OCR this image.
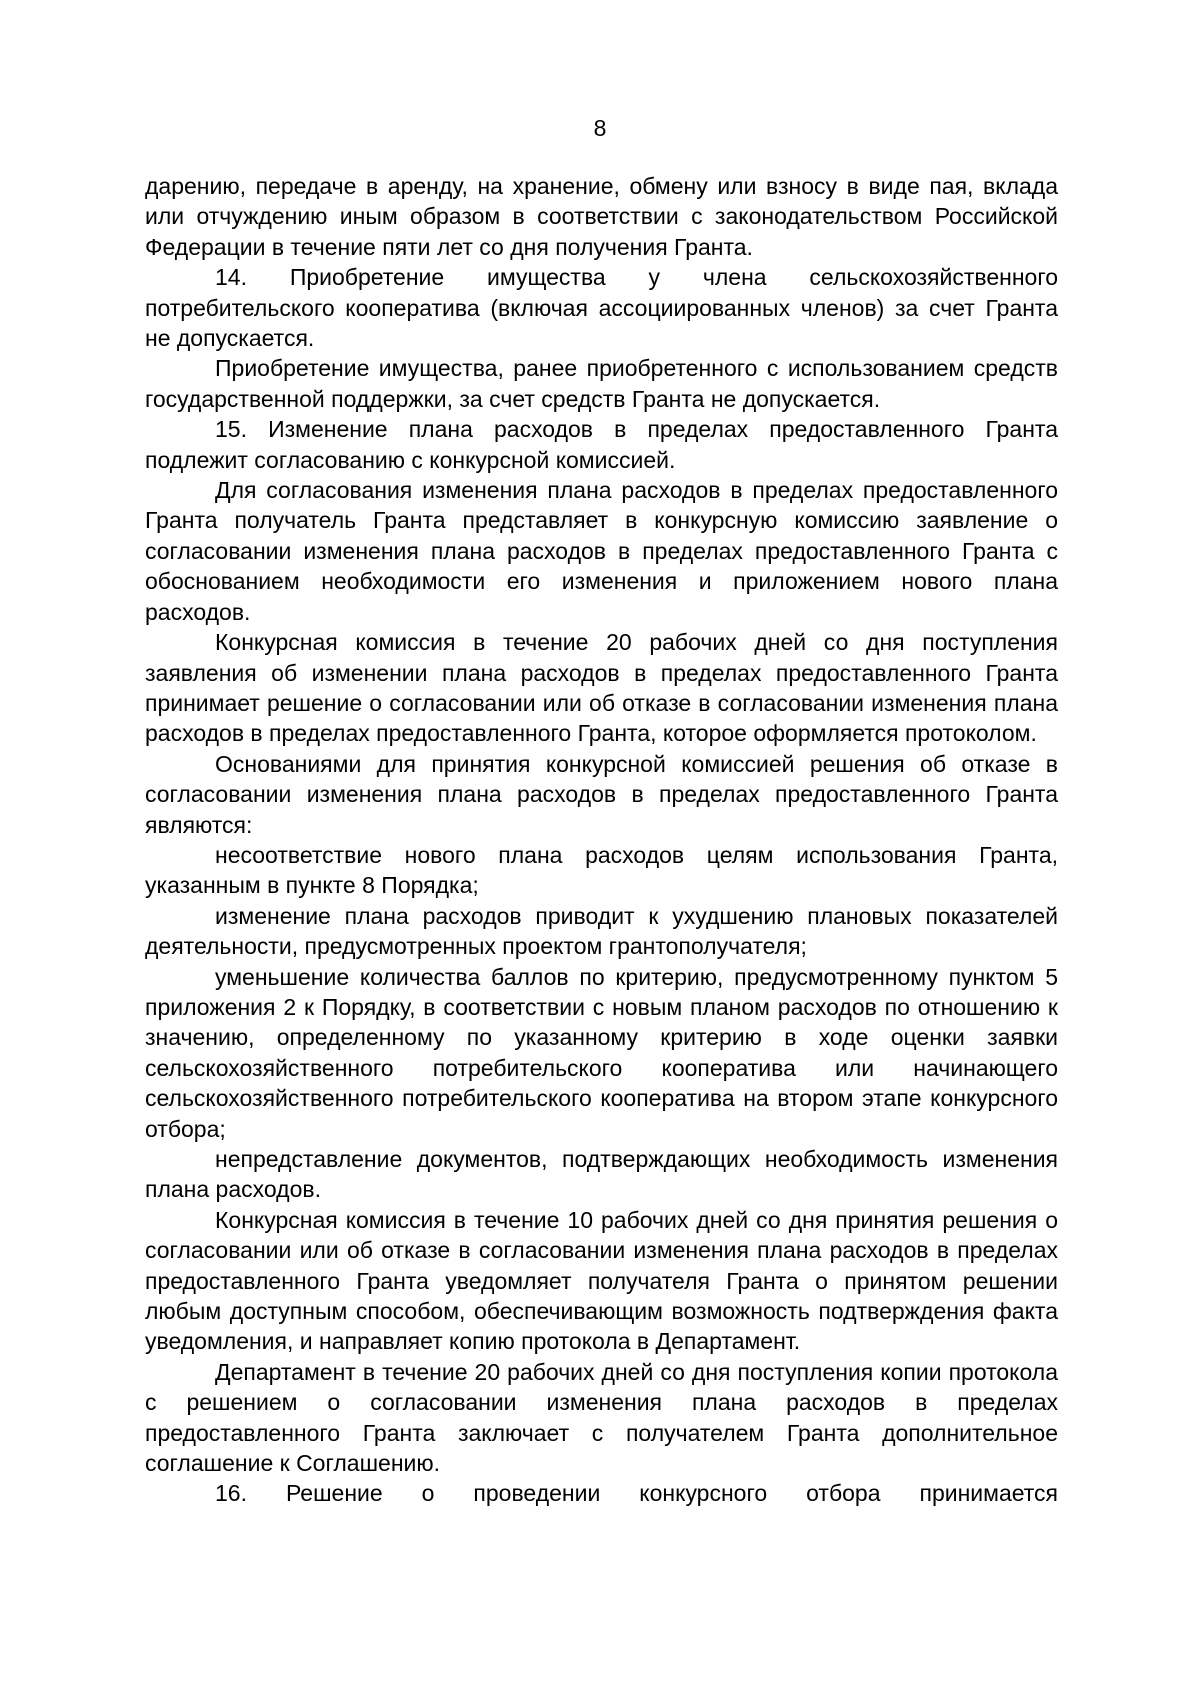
8

дарению, передаче в аренду, на хранение, обмену или взносу в виде пая, вклада или отчуждению иным образом в соответствии с законодательством Российской Федерации в течение пяти лет со дня получения Гранта.

14. Приобретение имущества у члена сельскохозяйственного потребительского кооператива (включая ассоциированных членов) за счет Гранта не допускается.

Приобретение имущества, ранее приобретенного с использованием средств государственной поддержки, за счет средств Гранта не допускается.

15. Изменение плана расходов в пределах предоставленного Гранта подлежит согласованию с конкурсной комиссией.

Для согласования изменения плана расходов в пределах предоставленного Гранта получатель Гранта представляет в конкурсную комиссию заявление о согласовании изменения плана расходов в пределах предоставленного Гранта с обоснованием необходимости его изменения и приложением нового плана расходов.

Конкурсная комиссия в течение 20 рабочих дней со дня поступления заявления об изменении плана расходов в пределах предоставленного Гранта принимает решение о согласовании или об отказе в согласовании изменения плана расходов в пределах предоставленного Гранта, которое оформляется протоколом.

Основаниями для принятия конкурсной комиссией решения об отказе в согласовании изменения плана расходов в пределах предоставленного Гранта являются:

несоответствие нового плана расходов целям использования Гранта, указанным в пункте 8 Порядка;

изменение плана расходов приводит к ухудшению плановых показателей деятельности, предусмотренных проектом грантополучателя;

уменьшение количества баллов по критерию, предусмотренному пунктом 5 приложения 2 к Порядку, в соответствии с новым планом расходов по отношению к значению, определенному по указанному критерию в ходе оценки заявки сельскохозяйственного потребительского кооператива или начинающего сельскохозяйственного потребительского кооператива на втором этапе конкурсного отбора;

непредставление документов, подтверждающих необходимость изменения плана расходов.

Конкурсная комиссия в течение 10 рабочих дней со дня принятия решения о согласовании или об отказе в согласовании изменения плана расходов в пределах предоставленного Гранта уведомляет получателя Гранта о принятом решении любым доступным способом, обеспечивающим возможность подтверждения факта уведомления, и направляет копию протокола в Департамент.

Департамент в течение 20 рабочих дней со дня поступления копии протокола с решением о согласовании изменения плана расходов в пределах предоставленного Гранта заключает с получателем Гранта дополнительное соглашение к Соглашению.

16. Решение о проведении конкурсного отбора принимается
